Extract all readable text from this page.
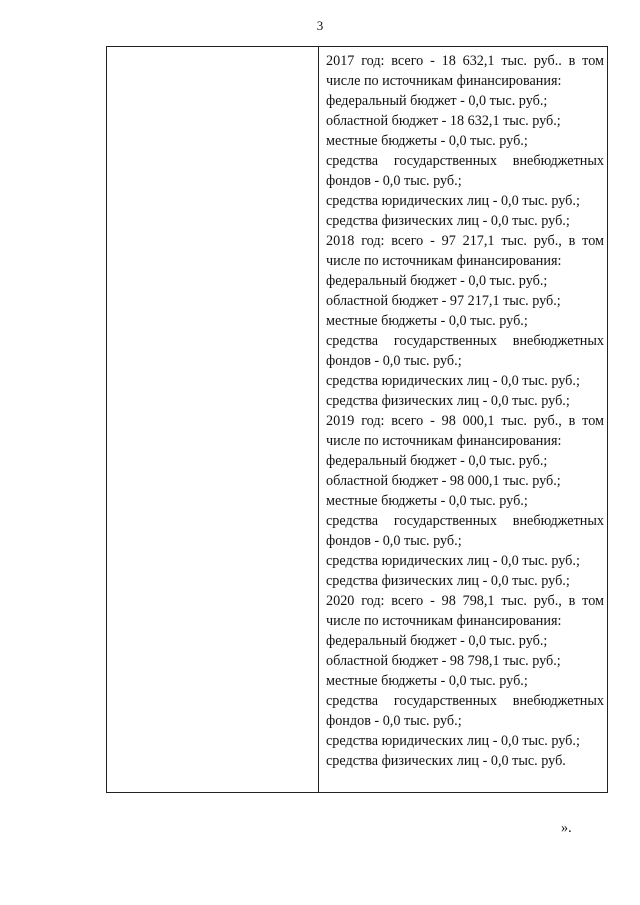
3
2017 год: всего - 18 632,1 тыс. руб.. в том
числе по источникам финансирования:
федеральный бюджет - 0,0 тыс. руб.;
областной бюджет - 18 632,1 тыс. руб.;
местные бюджеты - 0,0 тыс. руб.;
средства государственных внебюджетных
фондов - 0,0 тыс. руб.;
средства юридических лиц - 0,0 тыс. руб.;
средства физических лиц - 0,0 тыс. руб.;
2018 год: всего - 97 217,1 тыс. руб., в том
числе по источникам финансирования:
федеральный бюджет - 0,0 тыс. руб.;
областной бюджет - 97 217,1 тыс. руб.;
местные бюджеты - 0,0 тыс. руб.;
средства государственных внебюджетных
фондов - 0,0 тыс. руб.;
средства юридических лиц - 0,0 тыс. руб.;
средства физических лиц - 0,0 тыс. руб.;
2019 год: всего - 98 000,1 тыс. руб., в том
числе по источникам финансирования:
федеральный бюджет - 0,0 тыс. руб.;
областной бюджет - 98 000,1 тыс. руб.;
местные бюджеты - 0,0 тыс. руб.;
средства государственных внебюджетных
фондов - 0,0 тыс. руб.;
средства юридических лиц - 0,0 тыс. руб.;
средства физических лиц - 0,0 тыс. руб.;
2020 год: всего - 98 798,1 тыс. руб., в том
числе по источникам финансирования:
федеральный бюджет - 0,0 тыс. руб.;
областной бюджет - 98 798,1 тыс. руб.;
местные бюджеты - 0,0 тыс. руб.;
средства государственных внебюджетных
фондов - 0,0 тыс. руб.;
средства юридических лиц - 0,0 тыс. руб.;
средства физических лиц - 0,0 тыс. руб.
».
